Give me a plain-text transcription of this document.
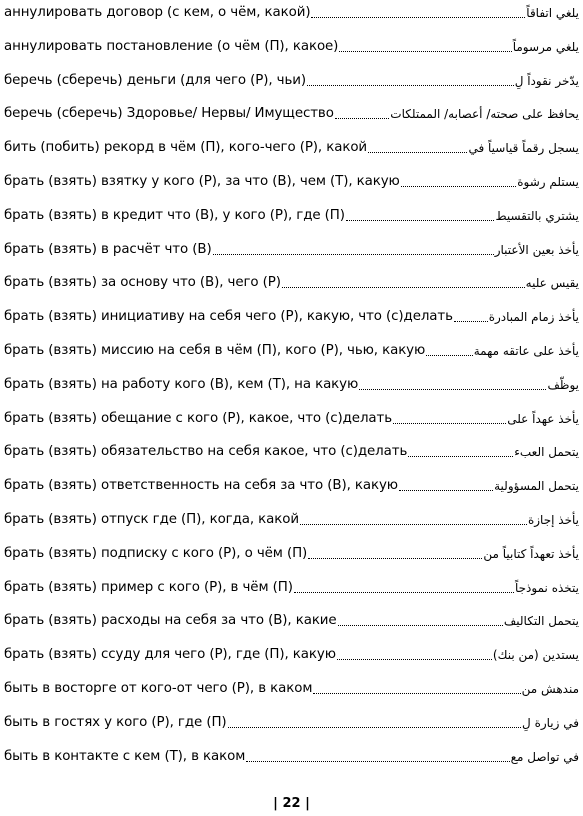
аннулировать договор (с кем, о чём, какой)	يلغي اتفاقاً
аннулировать постановление (о чём (П), какое)	يلغي مرسوماً
беречь (сберечь) деньги (для чего (Р), чьи)	يدّخر نقوداً لِ
беречь (сберечь) Здоровье/ Нервы/ Имущество	يحافظ على صحته/ أعصابه/ الممتلكات
бить (побить) рекорд в чём (П), кого-чего (Р), какой	يسجل رقماً قياسياً في
брать (взять) взятку у кого (Р), за что (В), чем (Т), какую	يستلم رشوة
брать (взять) в кредит что (В), у кого (Р), где (П)	يشتري بالتقسيط
брать (взять) в расчёт что (В)	يأخذ بعين الأعتبار
брать (взять) за основу что (В), чего (Р)	يقيس عليه
брать (взять) инициативу на себя чего (Р), какую, что (с)делать	يأخذ زمام المبادرة
брать (взять) миссию на себя в чём (П), кого (Р), чью, какую	يأخذ على عاتقه مهمة
брать (взять) на работу кого (В), кем (Т), на какую	يوظّف
брать (взять) обещание с кого (Р), какое, что (с)делать	يأخذ عهداً على
брать (взять) обязательство на себя какое, что (с)делать	يتحمل العبء
брать (взять) ответственность на себя за что (В), какую	يتحمل المسؤولية
брать (взять) отпуск где (П), когда, какой	يأخذ إجازة
брать (взять) подписку с кого (Р), о чём (П)	يأخذ تعهداً كتابياً من
брать (взять) пример с кого (Р), в чём (П)	يتخذه نموذجاً
брать (взять) расходы на себя за что (В), какие	يتحمل التكاليف
брать (взять) ссуду для чего (Р), где (П), какую	يستدين (من بنك)
быть в восторге от кого-от чего (Р), в каком	مندهش من
быть в гостях у кого (Р), где (П)	في زيارة لِ
быть в контакте с кем (Т), в каком	في تواصل مع
| 22 |
